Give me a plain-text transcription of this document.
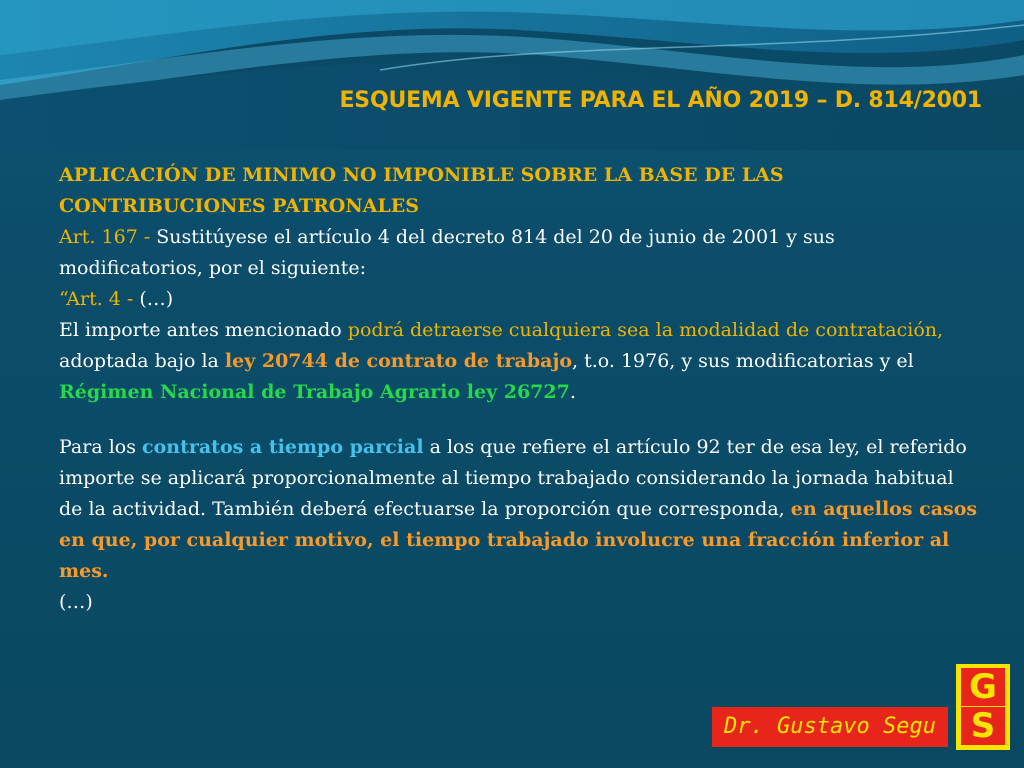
ESQUEMA VIGENTE PARA EL AÑO 2019 – D. 814/2001

APLICACIÓN DE MINIMO NO IMPONIBLE SOBRE LA BASE DE LAS CONTRIBUCIONES PATRONALES

Art. 167 - Sustitúyese el artículo 4 del decreto 814 del 20 de junio de 2001 y sus modificatorios, por el siguiente:

“Art. 4 - (…)

El importe antes mencionado podrá detraerse cualquiera sea la modalidad de contratación, adoptada bajo la ley 20744 de contrato de trabajo, t.o. 1976, y sus modificatorias y el Régimen Nacional de Trabajo Agrario ley 26727.

Para los contratos a tiempo parcial a los que refiere el artículo 92 ter de esa ley, el referido importe se aplicará proporcionalmente al tiempo trabajado considerando la jornada habitual de la actividad. También deberá efectuarse la proporción que corresponda, en aquellos casos en que, por cualquier motivo, el tiempo trabajado involucre una fracción inferior al mes.

(…)

Dr. Gustavo Segu
G
S
